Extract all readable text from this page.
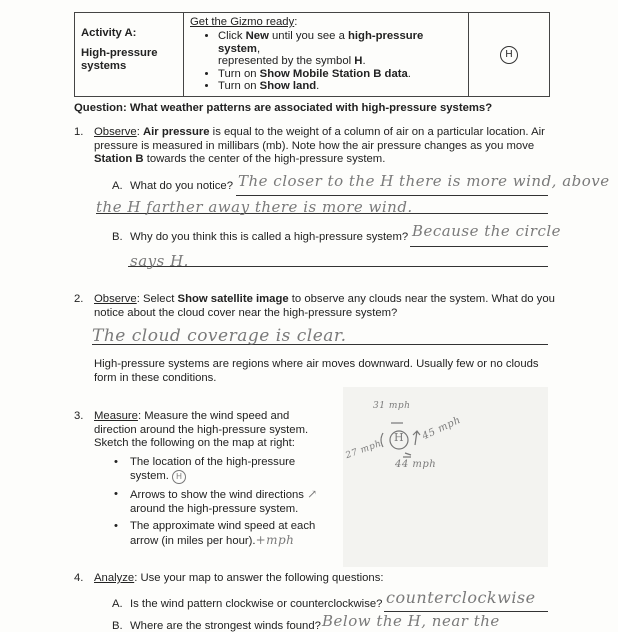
Activity A:
High-pressure systems

Get the Gizmo ready:
• Click New until you see a high-pressure system,
represented by the symbol H.
• Turn on Show Mobile Station B data.
• Turn on Show land.
	H
Question: What weather patterns are associated with high-pressure systems?
1. Observe: Air pressure is equal to the weight of a column of air on a particular location. Air
pressure is measured in millibars (mb). Note how the air pressure changes as you move
Station B towards the center of the high-pressure system.
A. What do you notice? The closer to the H there is more wind, above
the H farther away there is more wind.
B. Why do you think this is called a high-pressure system? Because the circle
says H.
2. Observe: Select Show satellite image to observe any clouds near the system. What do you
notice about the cloud cover near the high-pressure system?
The cloud coverage is clear.
High-pressure systems are regions where air moves downward. Usually few or no clouds
form in these conditions.
3. Measure: Measure the wind speed and
direction around the high-pressure system.
Sketch the following on the map at right:
• The location of the high-pressure
system. H
• Arrows to show the wind directions ↗
around the high-pressure system.
• The approximate wind speed at each
arrow (in miles per hour).+mph
H
31 mph
45 mph
27 mph
44 mph
4. Analyze: Use your map to answer the following questions:
A. Is the wind pattern clockwise or counterclockwise? counterclockwise
B. Where are the strongest winds found? Below the H, near the
